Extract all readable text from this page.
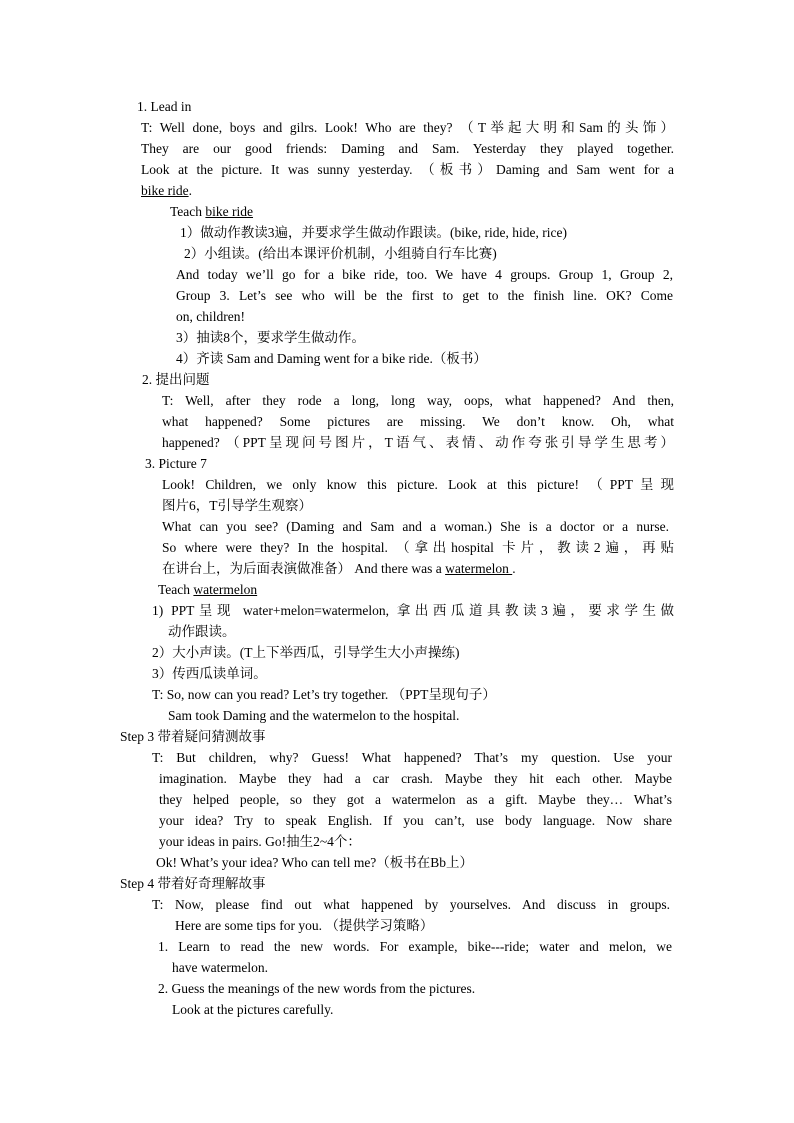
1. Lead in
T: Well done, boys and gilrs. Look! Who are they? （T举起大明和Sam的头饰）
They are our good friends: Daming and Sam. Yesterday they played together.
Look at the picture. It was sunny yesterday. （板书）Daming and Sam went for a
bike ride.
Teach bike ride
1）做动作教读3遍，并要求学生做动作跟读。(bike, ride, hide, rice)
2）小组读。(给出本课评价机制，小组骑自行车比赛)
And today we’ll go for a bike ride, too. We have 4 groups. Group 1, Group 2,
Group 3. Let’s see who will be the first to get to the finish line. OK? Come
on, children!
3）抽读8个，要求学生做动作。
4）齐读 Sam and Daming went for a bike ride.（板书）
2. 提出问题
T: Well, after they rode a long, long way, oops, what happened? And then,
what happened? Some pictures are missing. We don’t know. Oh, what
happened? （PPT呈现问号图片，T语气、表情、动作夸张引导学生思考）
3. Picture 7
Look! Children, we only know this picture. Look at this picture! （PPT呈现
图片6，T引导学生观察）
What can you see? (Daming and Sam and a woman.) She is a doctor or a nurse.
So where were they? In the hospital. （拿出hospital 卡片，教读2遍，再贴
在讲台上，为后面表演做准备） And there was a watermelon .
Teach watermelon
1) PPT呈现 water+melon=watermelon, 拿出西瓜道具教读3遍，要求学生做
动作跟读。
2）大小声读。(T上下举西瓜，引导学生大小声操练)
3）传西瓜读单词。
T: So, now can you read? Let’s try together. （PPT呈现句子）
Sam took Daming and the watermelon to the hospital.
Step 3 带着疑问猜测故事
T: But children, why? Guess! What happened? That’s my question. Use your
imagination. Maybe they had a car crash. Maybe they hit each other. Maybe
they helped people, so they got a watermelon as a gift. Maybe they… What’s
your idea? Try to speak English. If you can’t, use body language. Now share
your ideas in pairs. Go!抽生2~4个：
Ok! What’s your idea? Who can tell me?（板书在Bb上）
Step 4 带着好奇理解故事
T: Now, please find out what happened by yourselves. And discuss in groups.
Here are some tips for you. （提供学习策略）
1. Learn to read the new words. For example, bike---ride; water and melon, we
have watermelon.
2. Guess the meanings of the new words from the pictures.
Look at the pictures carefully.
